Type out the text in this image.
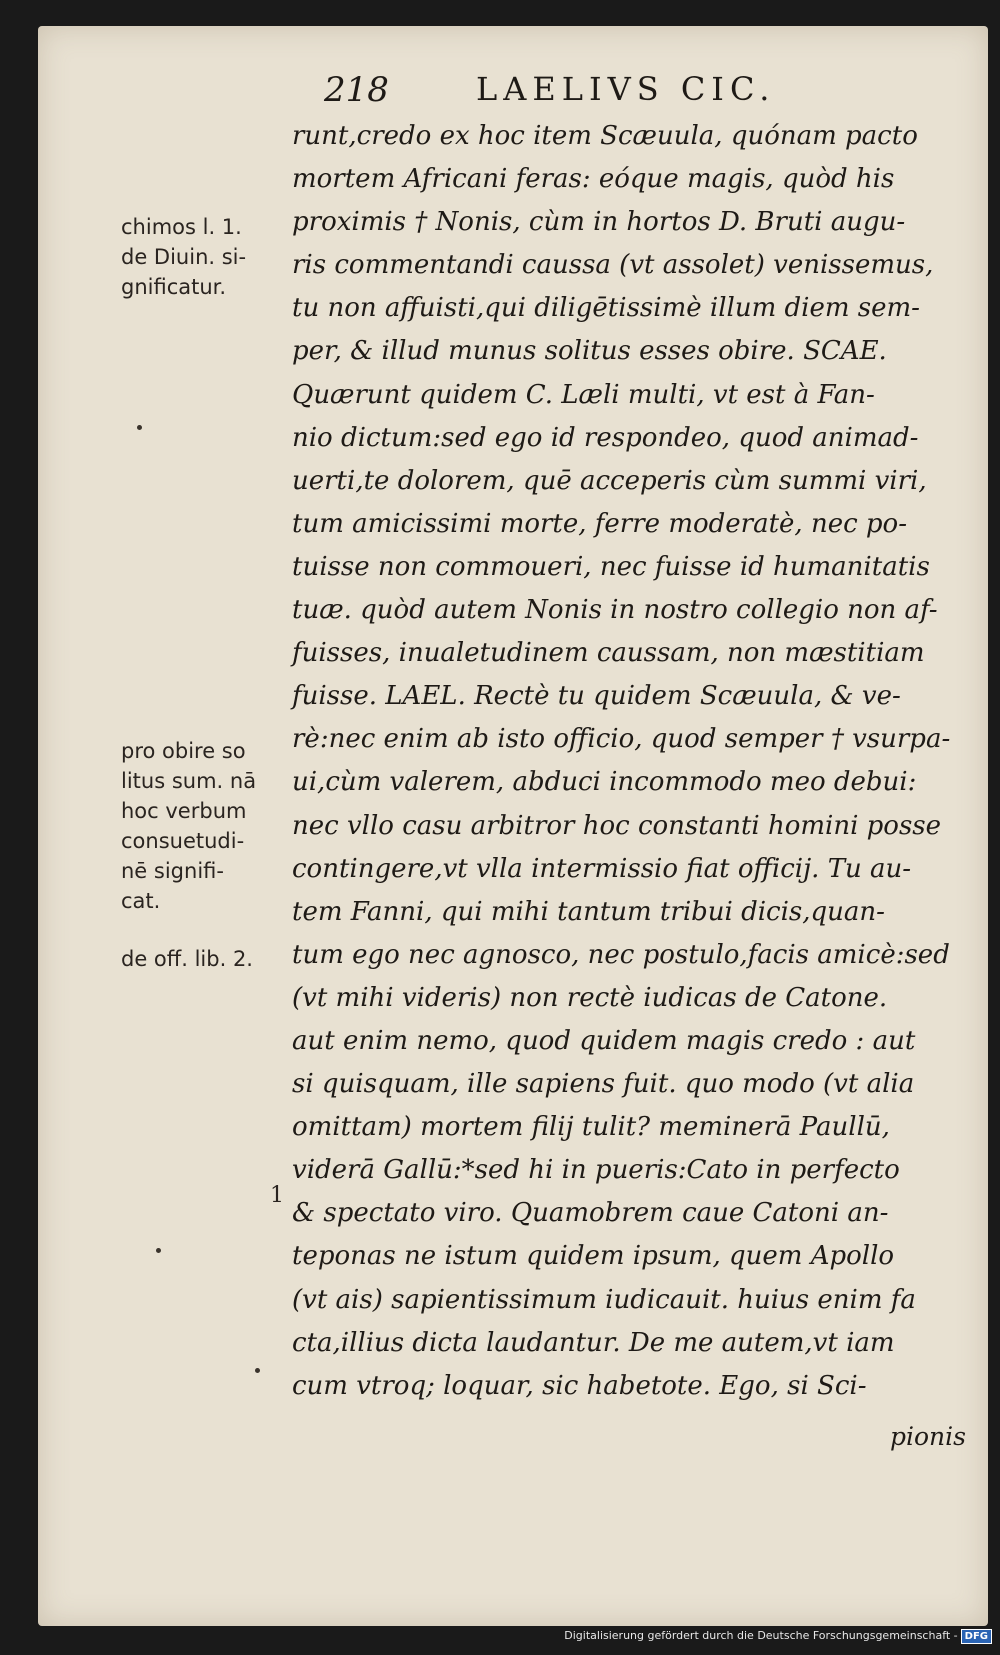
218	LAELIVS CIC.
chimos l. 1.
de Diuin. si-
gnificatur.
pro obire so
litus sum. nā
hoc verbum
consuetudi-
nē signifi-
cat.
de off. lib. 2.
1
runt,credo ex hoc item Scæuula, quónam pacto
mortem Africani feras: eóque magis, quòd his
proximis † Nonis, cùm in hortos D. Bruti augu-
ris commentandi caussa (vt assolet) venissemus,
tu non affuisti,qui diligētissimè illum diem sem-
per, & illud munus solitus esses obire. SCAE.
Quærunt quidem C. Læli multi, vt est à Fan-
nio dictum:sed ego id respondeo, quod animad-
uerti,te dolorem, quē acceperis cùm summi viri,
tum amicissimi morte, ferre moderatè, nec po-
tuisse non commoueri, nec fuisse id humanitatis
tuæ. quòd autem Nonis in nostro collegio non af-
fuisses, inualetudinem caussam, non mæstitiam
fuisse. LAEL. Rectè tu quidem Scæuula, & ve-
rè:nec enim ab isto officio, quod semper † vsurpa-
ui,cùm valerem, abduci incommodo meo debui:
nec vllo casu arbitror hoc constanti homini posse
contingere,vt vlla intermissio fiat officij. Tu au-
tem Fanni, qui mihi tantum tribui dicis,quan-
tum ego nec agnosco, nec postulo,facis amicè:sed
(vt mihi videris) non rectè iudicas de Catone.
aut enim nemo, quod quidem magis credo : aut
si quisquam, ille sapiens fuit. quo modo (vt alia
omittam) mortem filij tulit? meminerā Paullū,
viderā Gallū:*sed hi in pueris:Cato in perfecto
& spectato viro. Quamobrem caue Catoni an-
teponas ne istum quidem ipsum, quem Apollo
(vt ais) sapientissimum iudicauit. huius enim fa
cta,illius dicta laudantur. De me autem,vt iam
cum vtroq; loquar, sic habetote. Ego, si Sci-
pionis
Digitalisierung gefördert durch die Deutsche Forschungsgemeinschaft - DFG
